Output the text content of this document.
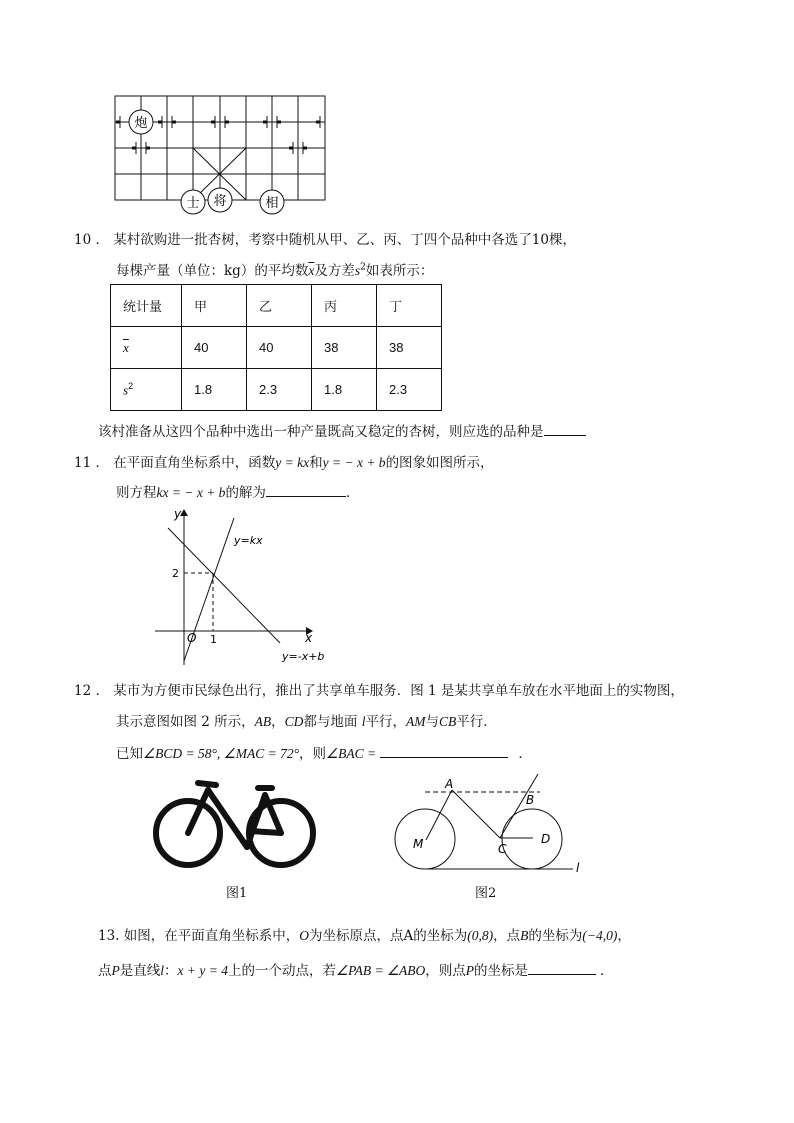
炮
士 将	相
10 ． 某村欲购进一批杏树，考察中随机从甲、乙、丙、丁四个品种中各选了10棵，
每棵产量（单位：kg）的平均数$\overline{x}$及方差$s^2$如表所示：
统计量	甲	乙	丙	丁
$\overline{x}$	40	40	38	38
$s^2$	1.8	2.3	1.8	2.3
该村准备从这四个品种中选出一种产量既高又稳定的杏树，则应选的品种是
11 ． 在平面直角坐标系中，函数y = kx和y = − x + b的图象如图所示，
则方程kx = − x + b的解为	．
y
x
O 1
2
y=kx
y=-x+b
12 ． 某市为方便市民绿色出行，推出了共享单车服务．图 1 是某共享单车放在水平地面上的实物图，
其示意图如图 2 所示，AB，CD都与地面 l平行，AM与CB平行．
已知∠BCD = 58°, ∠MAC = 72°，则∠BAC =	．
图1
A
B
C
D
M
l
图2
13. 如图，在平面直角坐标系中，O为坐标原点，点A的坐标为(0,8)，点B的坐标为(−4,0)，
点P是直线l：x + y = 4上的一个动点，若∠PAB = ∠ABO，则点P的坐标是	．
